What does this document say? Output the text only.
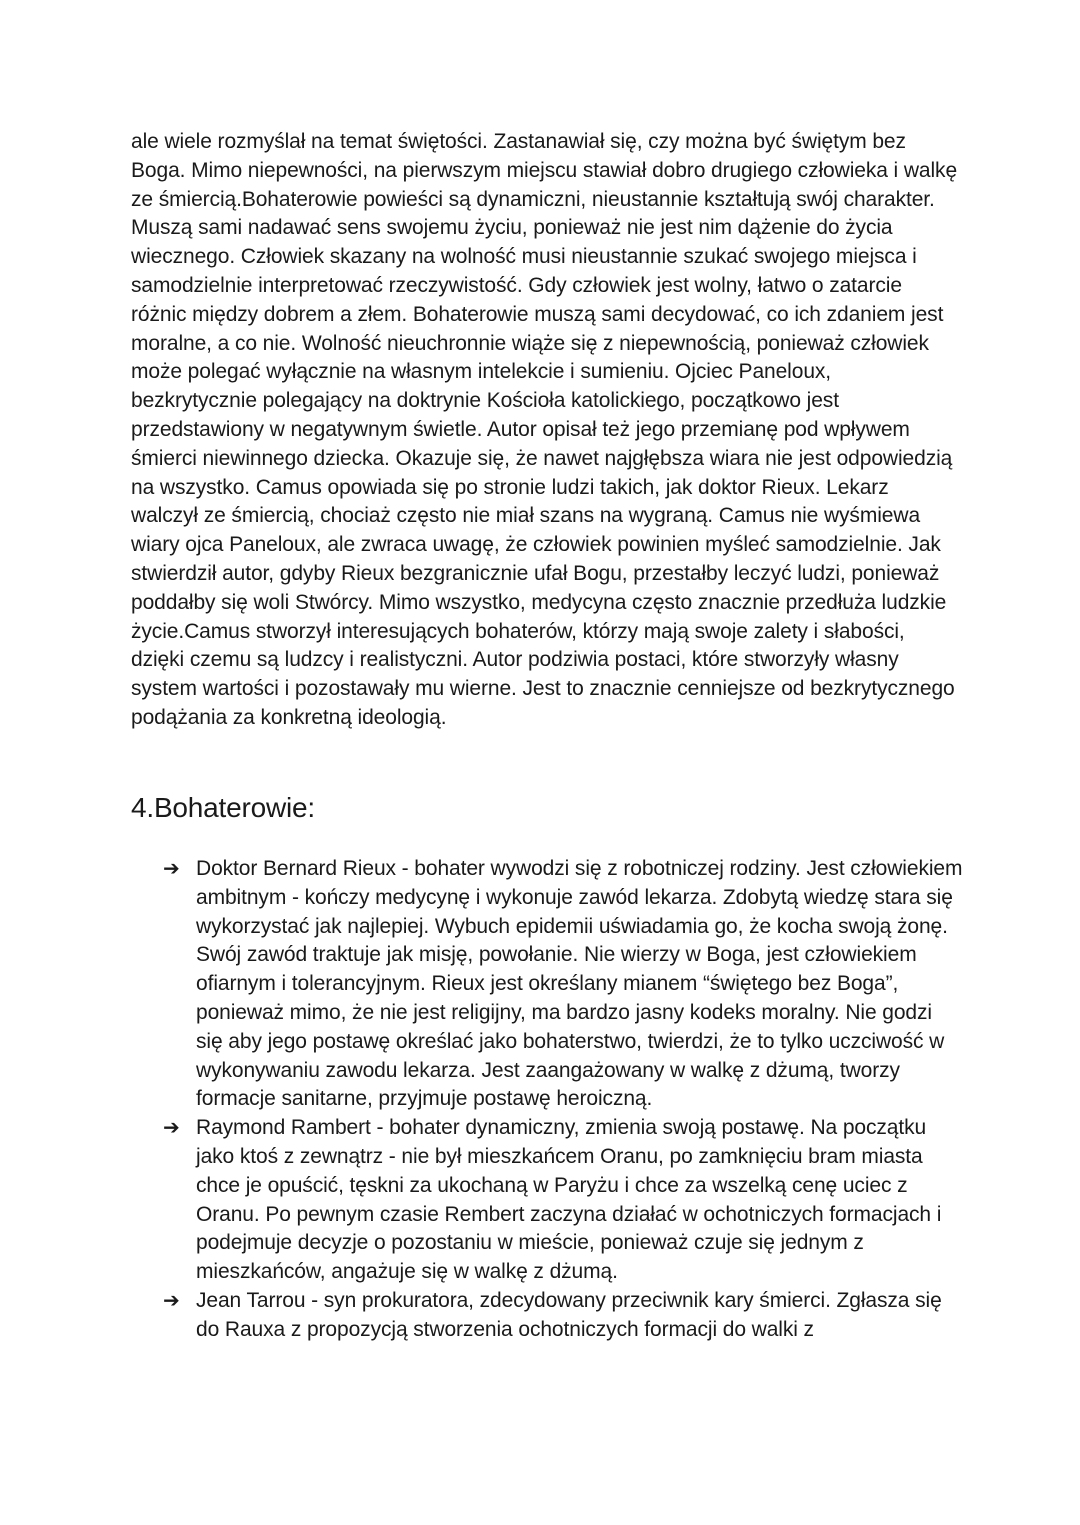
ale wiele rozmyślał na temat świętości. Zastanawiał się, czy można być świętym bez Boga. Mimo niepewności, na pierwszym miejscu stawiał dobro drugiego człowieka i walkę ze śmiercią.Bohaterowie powieści są dynamiczni, nieustannie kształtują swój charakter. Muszą sami nadawać sens swojemu życiu, ponieważ nie jest nim dążenie do życia wiecznego. Człowiek skazany na wolność musi nieustannie szukać swojego miejsca i samodzielnie interpretować rzeczywistość. Gdy człowiek jest wolny, łatwo o zatarcie różnic między dobrem a złem. Bohaterowie muszą sami decydować, co ich zdaniem jest moralne, a co nie. Wolność nieuchronnie wiąże się z niepewnością, ponieważ człowiek może polegać wyłącznie na własnym intelekcie i sumieniu. Ojciec Paneloux, bezkrytycznie polegający na doktrynie Kościoła katolickiego, początkowo jest przedstawiony w negatywnym świetle. Autor opisał też jego przemianę pod wpływem śmierci niewinnego dziecka. Okazuje się, że nawet najgłębsza wiara nie jest odpowiedzią na wszystko. Camus opowiada się po stronie ludzi takich, jak doktor Rieux. Lekarz walczył ze śmiercią, chociaż często nie miał szans na wygraną. Camus nie wyśmiewa wiary ojca Paneloux, ale zwraca uwagę, że człowiek powinien myśleć samodzielnie. Jak stwierdził autor, gdyby Rieux bezgranicznie ufał Bogu, przestałby leczyć ludzi, ponieważ poddałby się woli Stwórcy. Mimo wszystko, medycyna często znacznie przedłuża ludzkie życie.Camus stworzył interesujących bohaterów, którzy mają swoje zalety i słabości, dzięki czemu są ludzcy i realistyczni. Autor podziwia postaci, które stworzyły własny system wartości i pozostawały mu wierne. Jest to znacznie cenniejsze od bezkrytycznego podążania za konkretną ideologią.

4.Bohaterowie:
➔ Doktor Bernard Rieux - bohater wywodzi się z robotniczej rodziny. Jest człowiekiem ambitnym - kończy medycynę i wykonuje zawód lekarza. Zdobytą wiedzę stara się wykorzystać jak najlepiej. Wybuch epidemii uświadamia go, że kocha swoją żonę. Swój zawód traktuje jak misję, powołanie. Nie wierzy w Boga, jest człowiekiem ofiarnym i tolerancyjnym. Rieux jest określany mianem “świętego bez Boga”, ponieważ mimo, że nie jest religijny, ma bardzo jasny kodeks moralny. Nie godzi się aby jego postawę określać jako bohaterstwo, twierdzi, że to tylko uczciwość w wykonywaniu zawodu lekarza. Jest zaangażowany w walkę z dżumą, tworzy formacje sanitarne, przyjmuje postawę heroiczną.
➔ Raymond Rambert - bohater dynamiczny, zmienia swoją postawę. Na początku jako ktoś z zewnątrz - nie był mieszkańcem Oranu, po zamknięciu bram miasta chce je opuścić, tęskni za ukochaną w Paryżu i chce za wszelką cenę uciec z Oranu. Po pewnym czasie Rembert zaczyna działać w ochotniczych formacjach i podejmuje decyzje o pozostaniu w mieście, ponieważ czuje się jednym z mieszkańców, angażuje się w walkę z dżumą.
➔ Jean Tarrou - syn prokuratora, zdecydowany przeciwnik kary śmierci. Zgłasza się do Rauxa z propozycją stworzenia ochotniczych formacji do walki z
